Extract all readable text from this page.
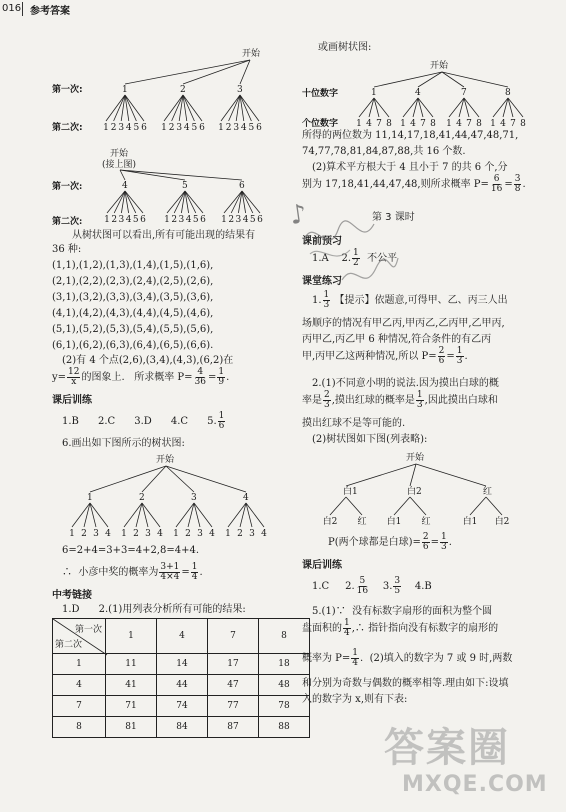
016 参考答案
开始
第一次:
第二次:
1
1 2 3 4 5 6
2
1 2 3 4 5 6
3
1 2 3 4 5 6
开始
(接上图)
第一次:
第二次:
4
1 2 3 4 5 6
5
1 2 3 4 5 6
6
1 2 3 4 5 6
从树状图可以看出,所有可能出现的结果有
36 种:
(1,1),(1,2),(1,3),(1,4),(1,5),(1,6),
(2,1),(2,2),(2,3),(2,4),(2,5),(2,6),
(3,1),(3,2),(3,3),(3,4),(3,5),(3,6),
(4,1),(4,2),(4,3),(4,4),(4,5),(4,6),
(5,1),(5,2),(5,3),(5,4),(5,5),(5,6),
(6,1),(6,2),(6,3),(6,4),(6,5),(6,6).
(2)有 4 个点(2,6),(3,4),(4,3),(6,2)在
$y= \frac{12}{x}$ 的图象上. 所求概率 $P= \frac{4}{36} = \frac{1}{9}$ .
课后训练
1.B      2.C      3.D      4.C      5. $\frac{1}{6}$
6.画出如下图所示的树状图:
开始
1
1 2 3 4
2
1 2 3 4
3
1 2 3 4
4
1 2 3 4
6=2+4=3+3=4+2,8=4+4.
∴  小彦中奖的概率为 $\frac{3+1}{4\times 4} = \frac{1}{4}$ .
中考链接
1.D      2.(1)用列表分析所有可能的结果:
第一次
第二次	1	4	7	8
1	11	14	17	18
4	41	44	47	48
7	71	74	77	78
8	81	84	87	88
或画树状图:
开始
十位数字
个位数字
1
1 4 7 8
4
1 4 7 8
7
1 4 7 8
8
1 4 7 8
所得的两位数为 11,14,17,18,41,44,47,48,71,
74,77,78,81,84,87,88,共 16 个数.
(2)算术平方根大于 4 且小于 7 的共 6 个,分
别为 17,18,41,44,47,48,则所求概率 $P= \frac{6}{16} = \frac{3}{8}$ .
第 3 课时
课前预习
1.A    2. $\frac{1}{2}$ 不公平
课堂练习
1. $\frac{1}{3}$ 【提示】依题意,可得甲、乙、丙三人出
场顺序的情况有甲乙丙,甲丙乙,乙丙甲,乙甲丙,
丙甲乙,丙乙甲 6 种情况,符合条件的有乙丙
甲,丙甲乙这两种情况,所以 $P= \frac{2}{6} = \frac{1}{3}$ .
2.(1)不同意小明的说法.因为摸出白球的概
率是 $\frac{2}{3}$ ,摸出红球的概率是 $\frac{1}{3}$ ,因此摸出白球和
摸出红球不是等可能的.
(2)树状图如下图(列表略):
开始
白1
白2 红
白2
白1 红
红
白1 白2
P(两个球都是白球)= $\frac{2}{6} = \frac{1}{3}$ .
课后训练
1.C 2. $\frac{5}{16} 3$. $\frac{3}{5} 4.B$
5.(1)∵  没有标数字扇形的面积为整个圆
盘面积的 $\frac{1}{4}$ ,∴ 指针指向没有标数字的扇形的
概率为 $P= \frac{1}{4}$ .  (2)填入的数字为 7 或 9 时,两数
和分别为奇数与偶数的概率相等.理由如下:设填
入的数字为 x,则有下表:
答案圈
MXQE.COM
♪
